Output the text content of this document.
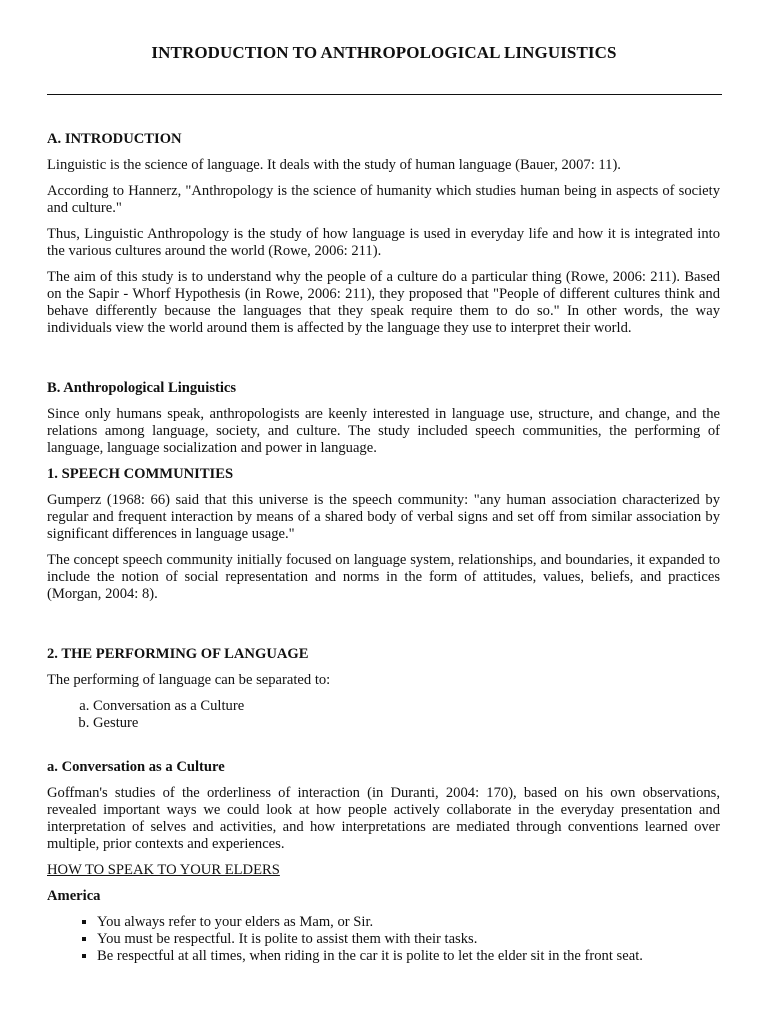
INTRODUCTION TO ANTHROPOLOGICAL LINGUISTICS
A. INTRODUCTION

Linguistic is the science of language. It deals with the study of human language (Bauer, 2007: 11).

According to Hannerz, "Anthropology is the science of humanity which studies human being in aspects of society and culture."

Thus, Linguistic Anthropology is the study of how language is used in everyday life and how it is integrated into the various cultures around the world (Rowe, 2006: 211).

The aim of this study is to understand why the people of a culture do a particular thing (Rowe, 2006: 211). Based on the Sapir - Whorf Hypothesis (in Rowe, 2006: 211), they proposed that "People of different cultures think and behave differently because the languages that they speak require them to do so." In other words, the way individuals view the world around them is affected by the language they use to interpret their world.

B. Anthropological Linguistics

Since only humans speak, anthropologists are keenly interested in language use, structure, and change, and the relations among language, society, and culture. The study included speech communities, the performing of language, language socialization and power in language.

1. SPEECH COMMUNITIES

Gumperz (1968: 66) said that this universe is the speech community: "any human association characterized by regular and frequent interaction by means of a shared body of verbal signs and set off from similar association by significant differences in language usage."

The concept speech community initially focused on language system, relationships, and boundaries, it expanded to include the notion of social representation and norms in the form of attitudes, values, beliefs, and practices (Morgan, 2004: 8).

2. THE PERFORMING OF LANGUAGE

The performing of language can be separated to:

a. Conversation as a Culture
b. Gesture
a. Conversation as a Culture

Goffman's studies of the orderliness of interaction (in Duranti, 2004: 170), based on his own observations, revealed important ways we could look at how people actively collaborate in the everyday presentation and interpretation of selves and activities, and how interpretations are mediated through conventions learned over multiple, prior contexts and experiences.

HOW TO SPEAK TO YOUR ELDERS

America
▪ You always refer to your elders as Mam, or Sir.
▪ You must be respectful. It is polite to assist them with their tasks.
▪ Be respectful at all times, when riding in the car it is polite to let the elder sit in the front seat.
